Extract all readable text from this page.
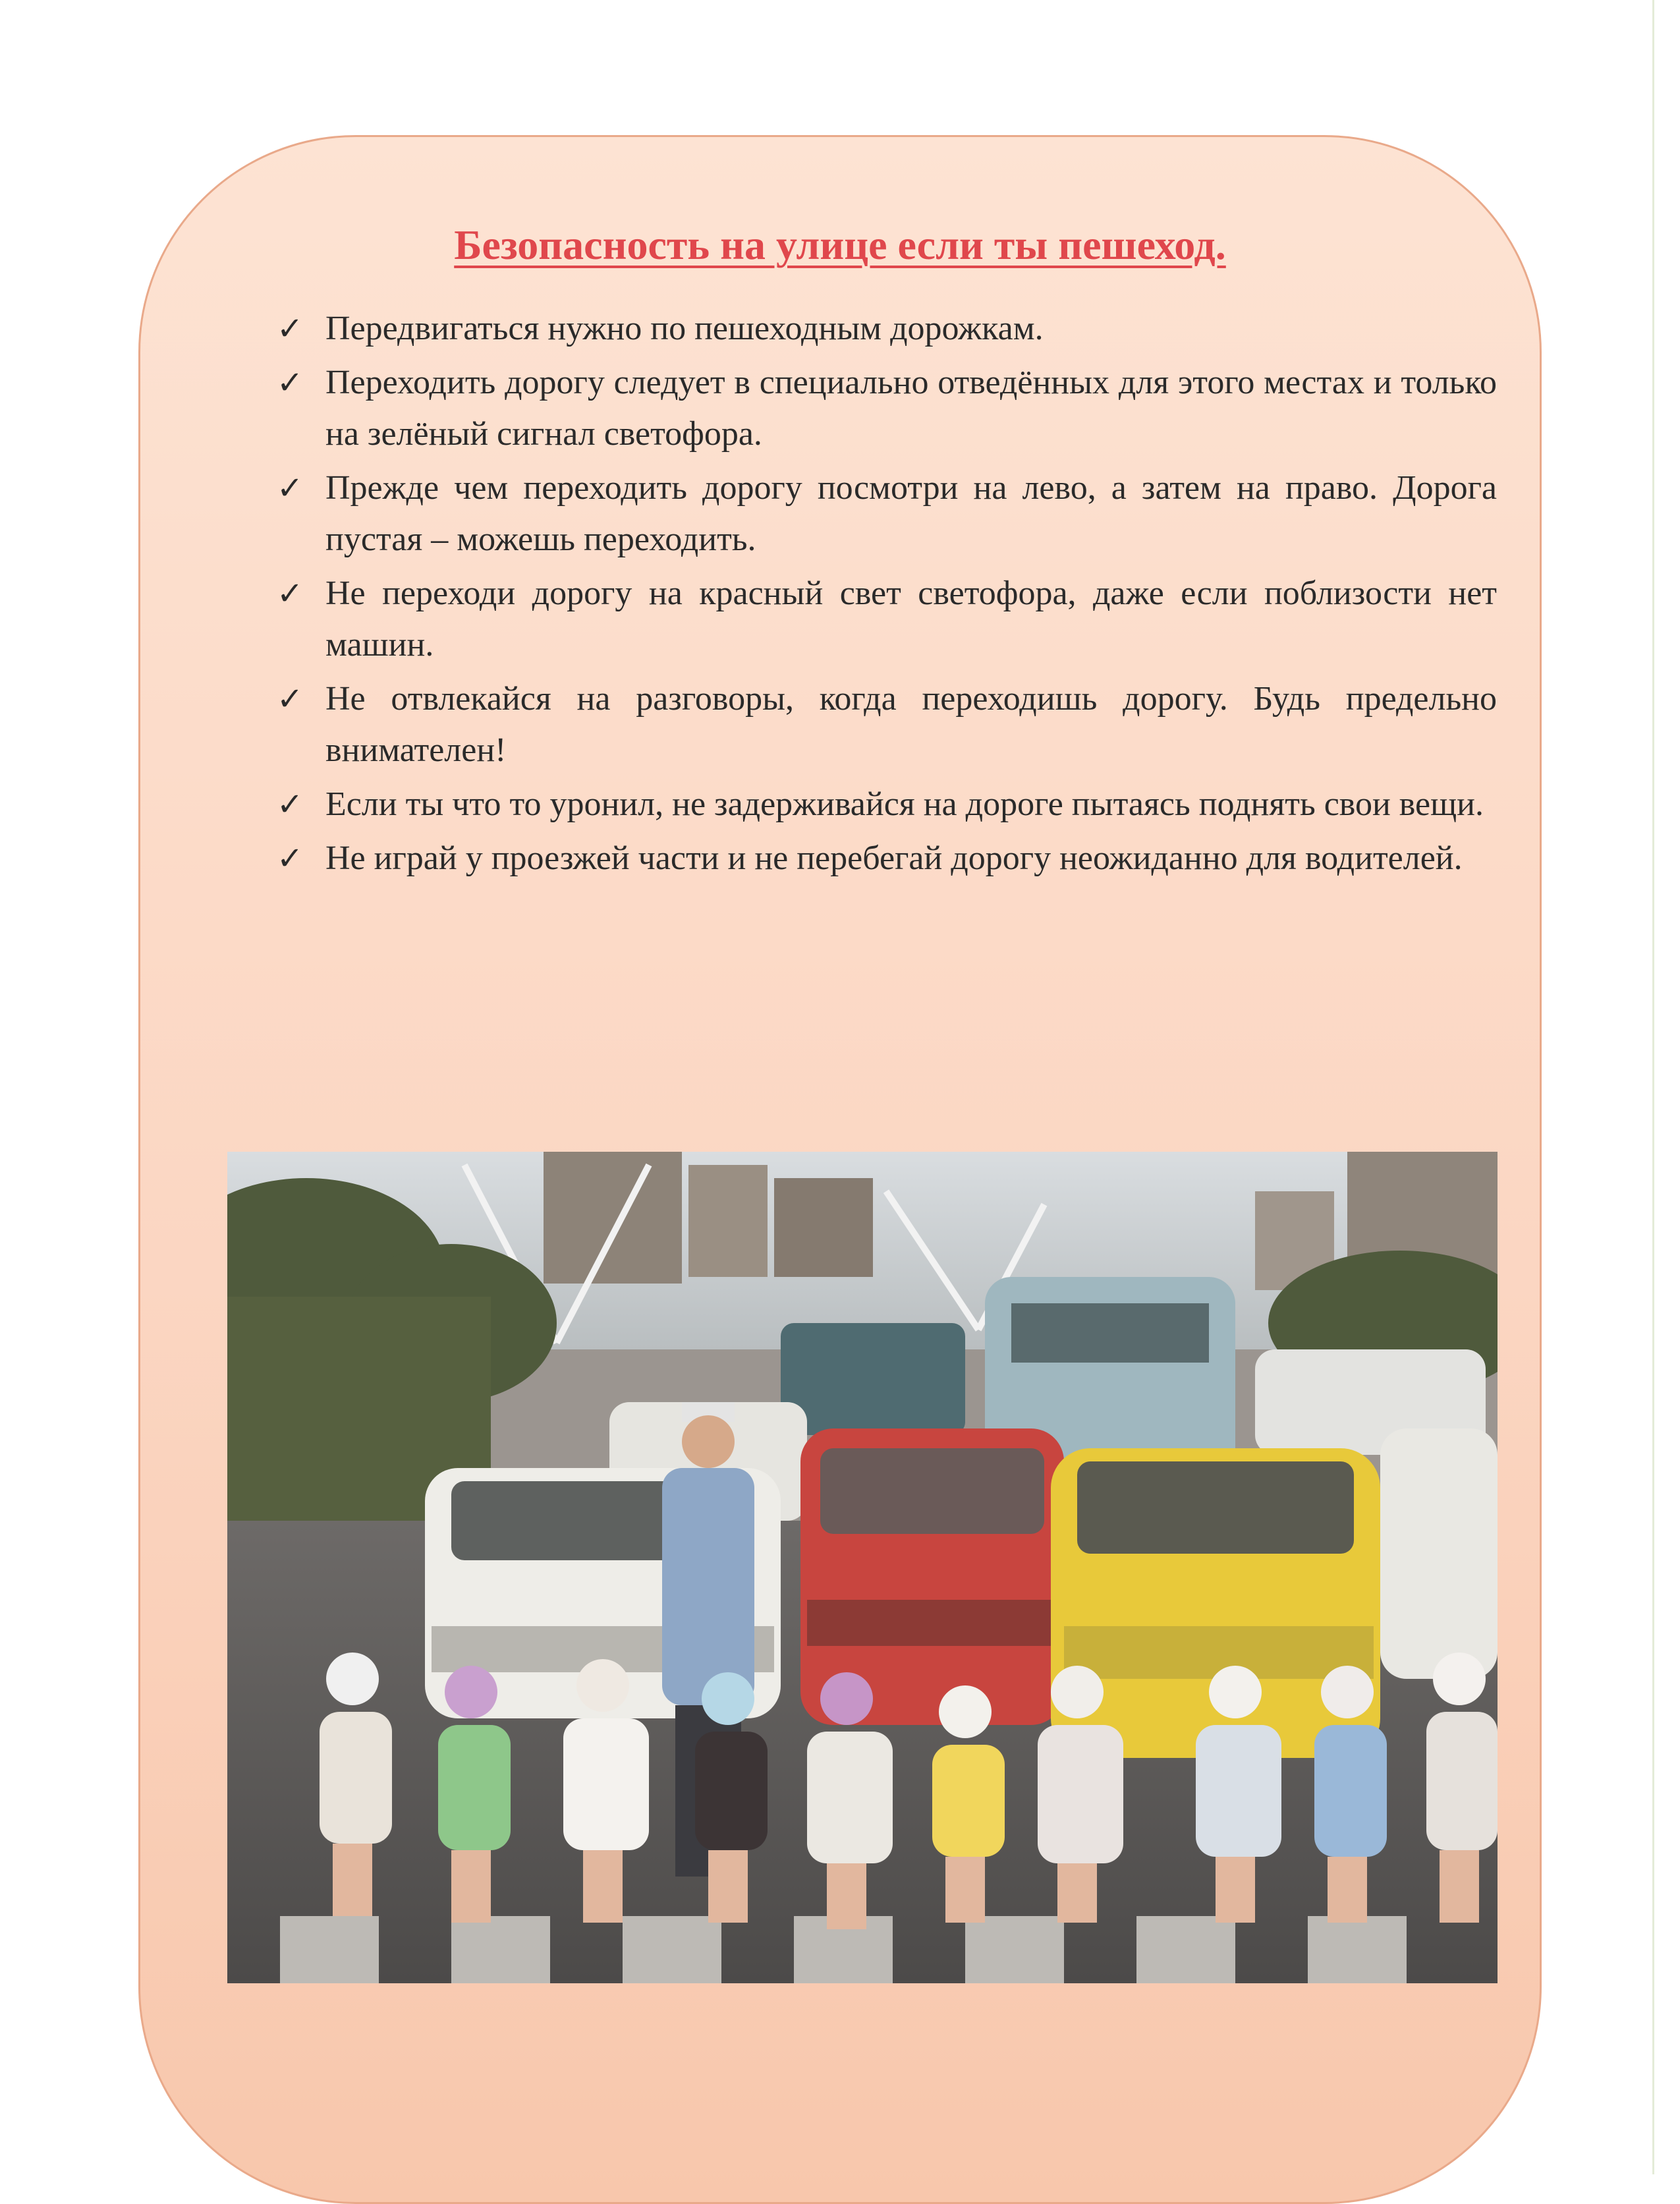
Безопасность на улице если ты пешеход.
✓ Передвигаться нужно по пешеходным дорожкам.
✓ Переходить дорогу следует в специально отведённых для этого местах и только на зелёный сигнал светофора.
✓ Прежде чем переходить дорогу посмотри на лево, а затем на право. Дорога пустая – можешь переходить.
✓ Не переходи дорогу на красный свет светофора, даже если поблизости нет машин.
✓ Не отвлекайся на разговоры, когда переходишь дорогу. Будь предельно внимателен!
✓ Если ты что то уронил, не задерживайся на дороге пытаясь поднять свои вещи.
✓ Не играй у проезжей части и не перебегай дорогу неожиданно для водителей.
